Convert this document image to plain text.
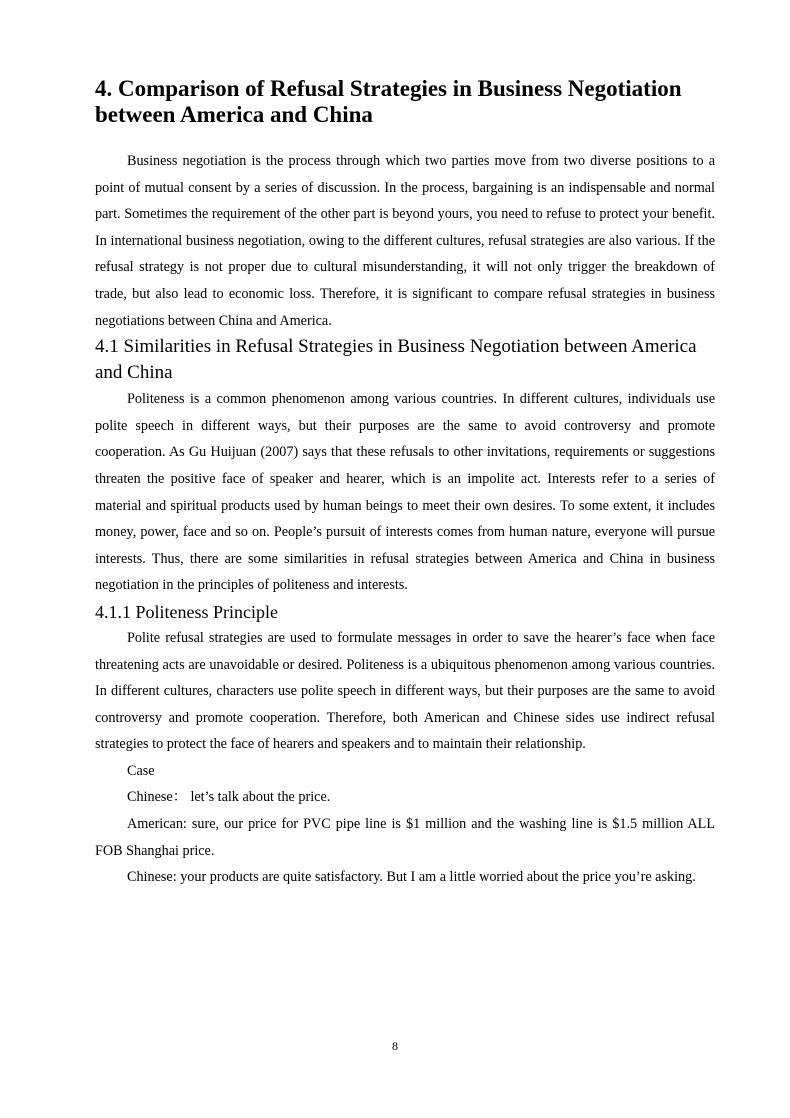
4. Comparison of Refusal Strategies in Business Negotiation between America and China

Business negotiation is the process through which two parties move from two diverse positions to a point of mutual consent by a series of discussion. In the process, bargaining is an indispensable and normal part. Sometimes the requirement of the other part is beyond yours, you need to refuse to protect your benefit. In international business negotiation, owing to the different cultures, refusal strategies are also various. If the refusal strategy is not proper due to cultural misunderstanding, it will not only trigger the breakdown of trade, but also lead to economic loss. Therefore, it is significant to compare refusal strategies in business negotiations between China and America.

4.1 Similarities in Refusal Strategies in Business Negotiation between America and China

Politeness is a common phenomenon among various countries. In different cultures, individuals use polite speech in different ways, but their purposes are the same to avoid controversy and promote cooperation. As Gu Huijuan (2007) says that these refusals to other invitations, requirements or suggestions threaten the positive face of speaker and hearer, which is an impolite act. Interests refer to a series of material and spiritual products used by human beings to meet their own desires. To some extent, it includes money, power, face and so on. People’s pursuit of interests comes from human nature, everyone will pursue interests. Thus, there are some similarities in refusal strategies between America and China in business negotiation in the principles of politeness and interests.

4.1.1 Politeness Principle

Polite refusal strategies are used to formulate messages in order to save the hearer’s face when face threatening acts are unavoidable or desired. Politeness is a ubiquitous phenomenon among various countries. In different cultures, characters use polite speech in different ways, but their purposes are the same to avoid controversy and promote cooperation. Therefore, both American and Chinese sides use indirect refusal strategies to protect the face of hearers and speakers and to maintain their relationship.

Case

Chinese： let’s talk about the price.

American: sure, our price for PVC pipe line is $1 million and the washing line is $1.5 million ALL FOB Shanghai price.

Chinese: your products are quite satisfactory. But I am a little worried about the price you’re asking.

8
